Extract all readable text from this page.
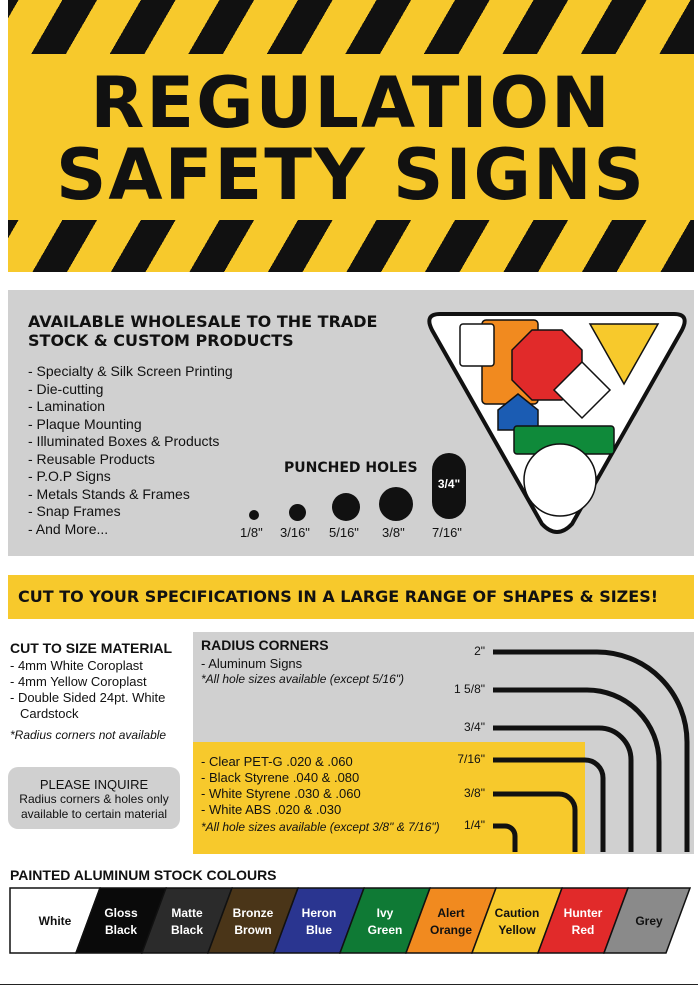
REGULATION
SAFETY SIGNS
AVAILABLE WHOLESALE TO THE TRADE
STOCK & CUSTOM PRODUCTS
- Specialty & Silk Screen Printing
- Die-cutting
- Lamination
- Plaque Mounting
- Illuminated Boxes & Products
- Reusable Products
- P.O.P Signs
- Metals Stands & Frames
- Snap Frames
- And More...
PUNCHED HOLES
3/4"
1/8" 3/16" 5/16" 3/8" 7/16"
CUT TO YOUR SPECIFICATIONS IN A LARGE RANGE OF SHAPES & SIZES!
CUT TO SIZE MATERIAL
- 4mm White Coroplast
- 4mm Yellow Coroplast
- Double Sided 24pt. White
Cardstock
*Radius corners not available
PLEASE INQUIRE
Radius corners & holes only
available to certain material
RADIUS CORNERS
- Aluminum Signs
*All hole sizes available (except 5/16")
- Clear PET-G .020 & .060
- Black Styrene .040 & .080
- White Styrene .030 & .060
- White ABS .020 & .030
*All hole sizes available (except 3/8" & 7/16")
2"
1 5/8"
3/4"
7/16"
3/8"
1/4"
PAINTED ALUMINUM STOCK COLOURS
White
Gloss
Black
Matte
Black
Bronze
Brown
Heron
Blue
Ivy
Green
Alert
Orange
Caution
Yellow
Hunter
Red
Grey
